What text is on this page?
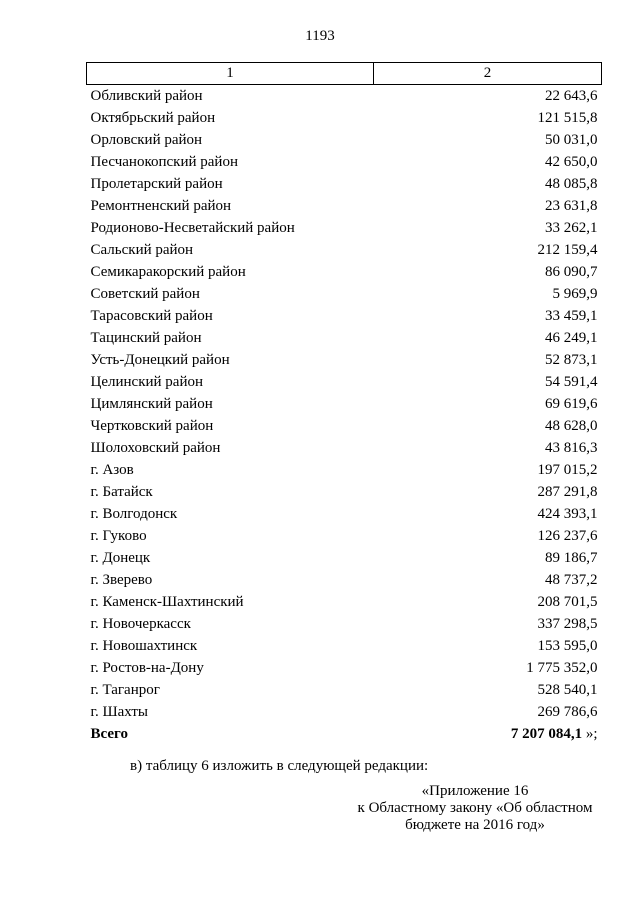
1193
1	2
Обливский район	22 643,6
Октябрьский район	121 515,8
Орловский район	50 031,0
Песчанокопский район	42 650,0
Пролетарский район	48 085,8
Ремонтненский район	23 631,8
Родионово-Несветайский район	33 262,1
Сальский район	212 159,4
Семикаракорский район	86 090,7
Советский район	5 969,9
Тарасовский район	33 459,1
Тацинский район	46 249,1
Усть-Донецкий район	52 873,1
Целинский район	54 591,4
Цимлянский район	69 619,6
Чертковский район	48 628,0
Шолоховский район	43 816,3
г. Азов	197 015,2
г. Батайск	287 291,8
г. Волгодонск	424 393,1
г. Гуково	126 237,6
г. Донецк	89 186,7
г. Зверево	48 737,2
г. Каменск-Шахтинский	208 701,5
г. Новочеркасск	337 298,5
г. Новошахтинск	153 595,0
г. Ростов-на-Дону	1 775 352,0
г. Таганрог	528 540,1
г. Шахты	269 786,6
Всего	7 207 084,1 »;
в) таблицу 6 изложить в следующей редакции:
«Приложение 16
к Областному закону «Об областном
бюджете на 2016 год»
